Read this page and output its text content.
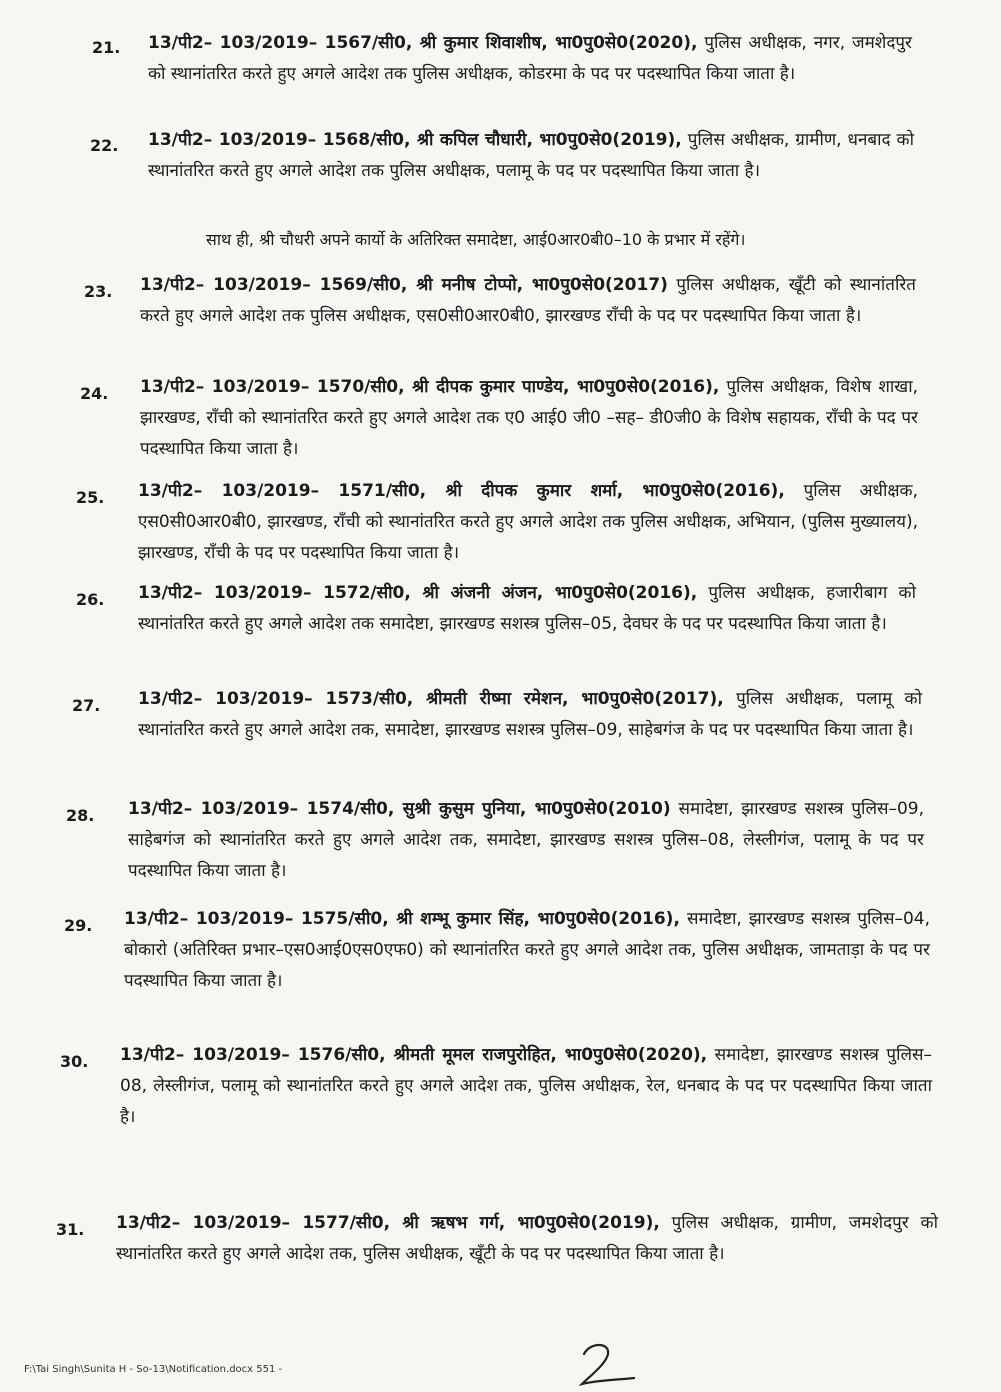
21. 13/पी2– 103/2019– 1567/सी0, श्री कुमार शिवाशीष, भा0पु0से0(2020), पुलिस अधीक्षक, नगर, जमशेदपुर को स्थानांतरित करते हुए अगले आदेश तक पुलिस अधीक्षक, कोडरमा के पद पर पदस्थापित किया जाता है।
22. 13/पी2– 103/2019– 1568/सी0, श्री कपिल चौधारी, भा0पु0से0(2019), पुलिस अधीक्षक, ग्रामीण, धनबाद को स्थानांतरित करते हुए अगले आदेश तक पुलिस अधीक्षक, पलामू के पद पर पदस्थापित किया जाता है।
साथ ही, श्री चौधरी अपने कार्यो के अतिरिक्त समादेष्टा, आई0आर0बी0–10 के प्रभार में रहेंगे।
23. 13/पी2– 103/2019– 1569/सी0, श्री मनीष टोप्पो, भा0पु0से0(2017) पुलिस अधीक्षक, खूँटी को स्थानांतरित करते हुए अगले आदेश तक पुलिस अधीक्षक, एस0सी0आर0बी0, झारखण्ड राँची के पद पर पदस्थापित किया जाता है।
24. 13/पी2– 103/2019– 1570/सी0, श्री दीपक कुमार पाण्डेय, भा0पु0से0(2016), पुलिस अधीक्षक, विशेष शाखा, झारखण्ड, राँची को स्थानांतरित करते हुए अगले आदेश तक ए0 आई0 जी0 –सह– डी0जी0 के विशेष सहायक, राँची के पद पर पदस्थापित किया जाता है।
25. 13/पी2– 103/2019– 1571/सी0, श्री दीपक कुमार शर्मा, भा0पु0से0(2016), पुलिस अधीक्षक, एस0सी0आर0बी0, झारखण्ड, राँची को स्थानांतरित करते हुए अगले आदेश तक पुलिस अधीक्षक, अभियान, (पुलिस मुख्यालय), झारखण्ड, राँची के पद पर पदस्थापित किया जाता है।
26. 13/पी2– 103/2019– 1572/सी0, श्री अंजनी अंजन, भा0पु0से0(2016), पुलिस अधीक्षक, हजारीबाग को स्थानांतरित करते हुए अगले आदेश तक समादेष्टा, झारखण्ड सशस्त्र पुलिस–05, देवघर के पद पर पदस्थापित किया जाता है।
27. 13/पी2– 103/2019– 1573/सी0, श्रीमती रीष्मा रमेशन, भा0पु0से0(2017), पुलिस अधीक्षक, पलामू को स्थानांतरित करते हुए अगले आदेश तक, समादेष्टा, झारखण्ड सशस्त्र पुलिस–09, साहेबगंज के पद पर पदस्थापित किया जाता है।
28. 13/पी2– 103/2019– 1574/सी0, सुश्री कुसुम पुनिया, भा0पु0से0(2010) समादेष्टा, झारखण्ड सशस्त्र पुलिस–09, साहेबगंज को स्थानांतरित करते हुए अगले आदेश तक, समादेष्टा, झारखण्ड सशस्त्र पुलिस–08, लेस्लीगंज, पलामू के पद पर पदस्थापित किया जाता है।
29. 13/पी2– 103/2019– 1575/सी0, श्री शम्भू कुमार सिंह, भा0पु0से0(2016), समादेष्टा, झारखण्ड सशस्त्र पुलिस–04, बोकारो (अतिरिक्त प्रभार–एस0आई0एस0एफ0) को स्थानांतरित करते हुए अगले आदेश तक, पुलिस अधीक्षक, जामताड़ा के पद पर पदस्थापित किया जाता है।
30. 13/पी2– 103/2019– 1576/सी0, श्रीमती मूमल राजपुरोहित, भा0पु0से0(2020), समादेष्टा, झारखण्ड सशस्त्र पुलिस–08, लेस्लीगंज, पलामू को स्थानांतरित करते हुए अगले आदेश तक, पुलिस अधीक्षक, रेल, धनबाद के पद पर पदस्थापित किया जाता है।
31. 13/पी2– 103/2019– 1577/सी0, श्री ऋषभ गर्ग, भा0पु0से0(2019), पुलिस अधीक्षक, ग्रामीण, जमशेदपुर को स्थानांतरित करते हुए अगले आदेश तक, पुलिस अधीक्षक, खूँटी के पद पर पदस्थापित किया जाता है।
F:\Tai Singh\Sunita H - So-13\Notification.docx 551 -
